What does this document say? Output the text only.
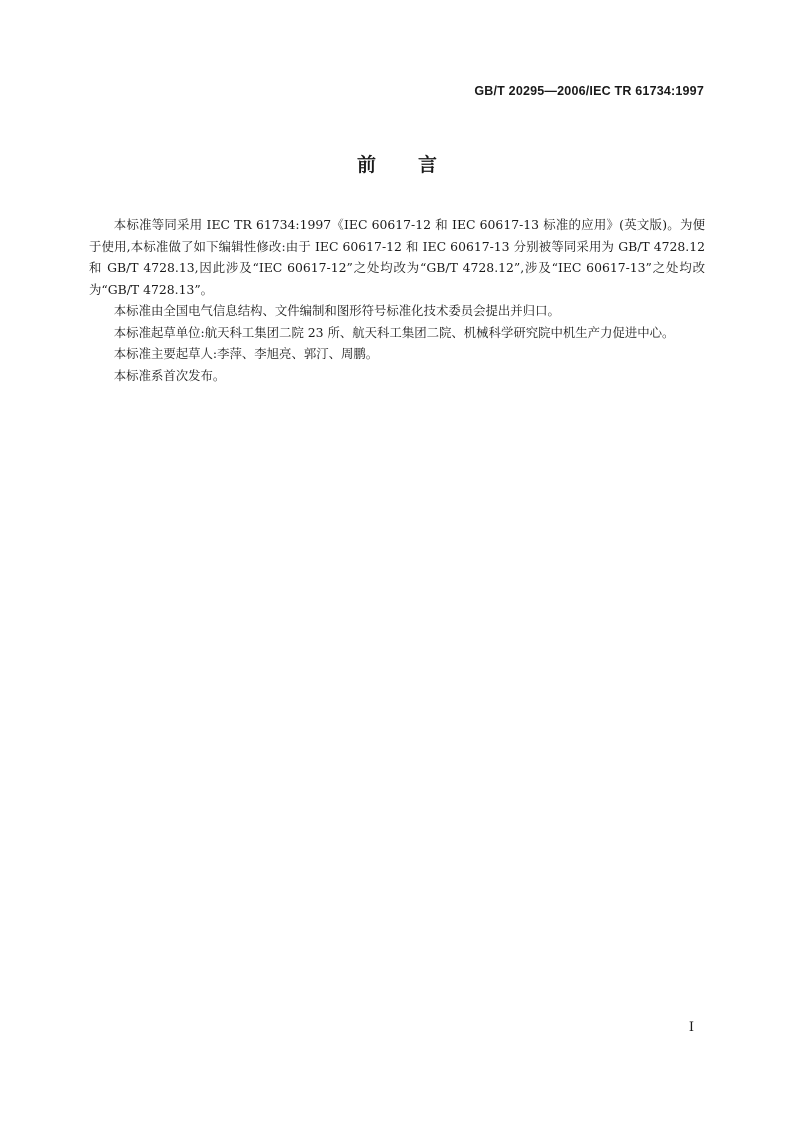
GB/T 20295—2006/IEC TR 61734:1997
前 言

本标准等同采用 IEC TR 61734:1997《IEC 60617-12 和 IEC 60617-13 标准的应用》(英文版)。为便于使用,本标准做了如下编辑性修改:由于 IEC 60617-12 和 IEC 60617-13 分别被等同采用为 GB/T 4728.12 和 GB/T 4728.13,因此涉及“IEC 60617-12”之处均改为“GB/T 4728.12”,涉及“IEC 60617-13”之处均改为“GB/T 4728.13”。

本标准由全国电气信息结构、文件编制和图形符号标准化技术委员会提出并归口。

本标准起草单位:航天科工集团二院 23 所、航天科工集团二院、机械科学研究院中机生产力促进中心。

本标准主要起草人:李萍、李旭亮、郭汀、周鹏。

本标准系首次发布。

I
